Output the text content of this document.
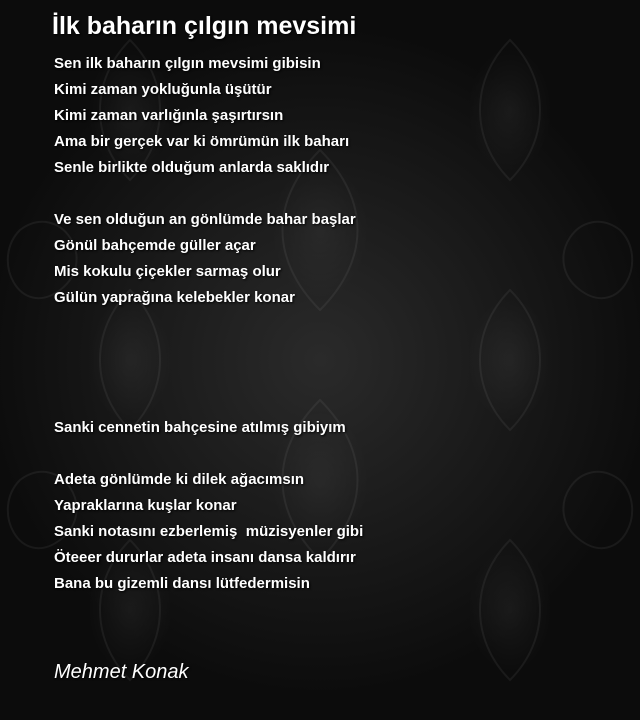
İlk baharın çılgın mevsimi
Sen ilk baharın çılgın mevsimi gibisin
Kimi zaman yokluğunla üşütür
Kimi zaman varlığınla şaşırtırsın
Ama bir gerçek var ki ömrümün ilk baharı
Senle birlikte olduğum anlarda saklıdır
Ve sen olduğun an gönlümde bahar başlar
Gönül bahçemde güller açar
Mis kokulu çiçekler sarmaş olur
Gülün yaprağına kelebekler konar
Sanki cennetin bahçesine atılmış gibiyım
Adeta gönlümde ki dilek ağacımsın
Yapraklarına kuşlar konar
Sanki notasını ezberlemiş  müzisyenler gibi
Öteeer dururlar adeta insanı dansa kaldırır
Bana bu gizemli dansı lütfedermisin
Mehmet Konak
